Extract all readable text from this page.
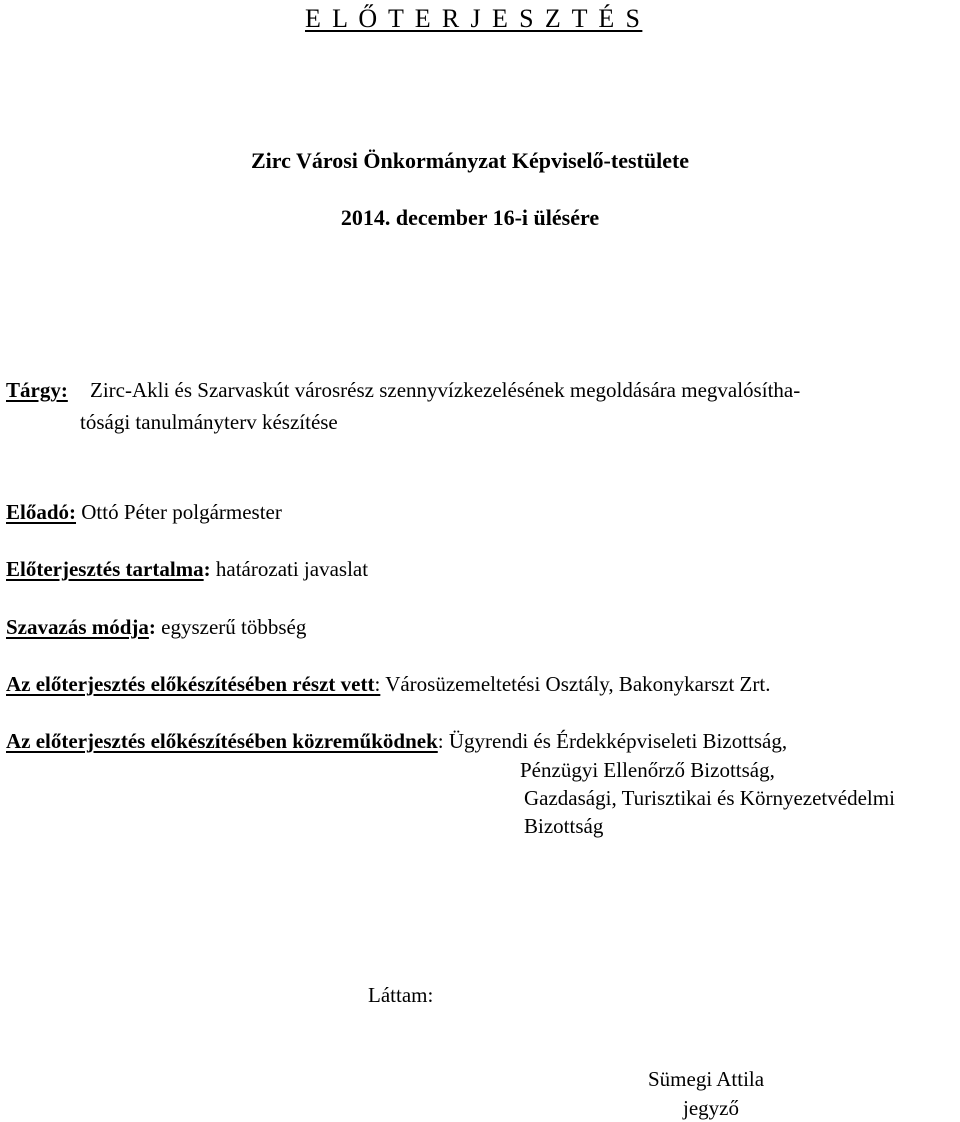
E L Ő T E R J E S Z T É S
Zirc Városi Önkormányzat Képviselő-testülete
2014. december 16-i ülésére
Tárgy: Zirc-Akli és Szarvaskút városrész szennyvízkezelésének megoldására megvalósítha-
tósági tanulmányterv készítése
Előadó: Ottó Péter polgármester
Előterjesztés tartalma: határozati javaslat
Szavazás módja: egyszerű többség
Az előterjesztés előkészítésében részt vett: Városüzemeltetési Osztály, Bakonykarszt Zrt.
Az előterjesztés előkészítésében közreműködnek: Ügyrendi és Érdekképviseleti Bizottság,
Pénzügyi Ellenőrző Bizottság,
Gazdasági, Turisztikai és Környezetvédelmi
Bizottság
Láttam:
Sümegi Attila
jegyző
